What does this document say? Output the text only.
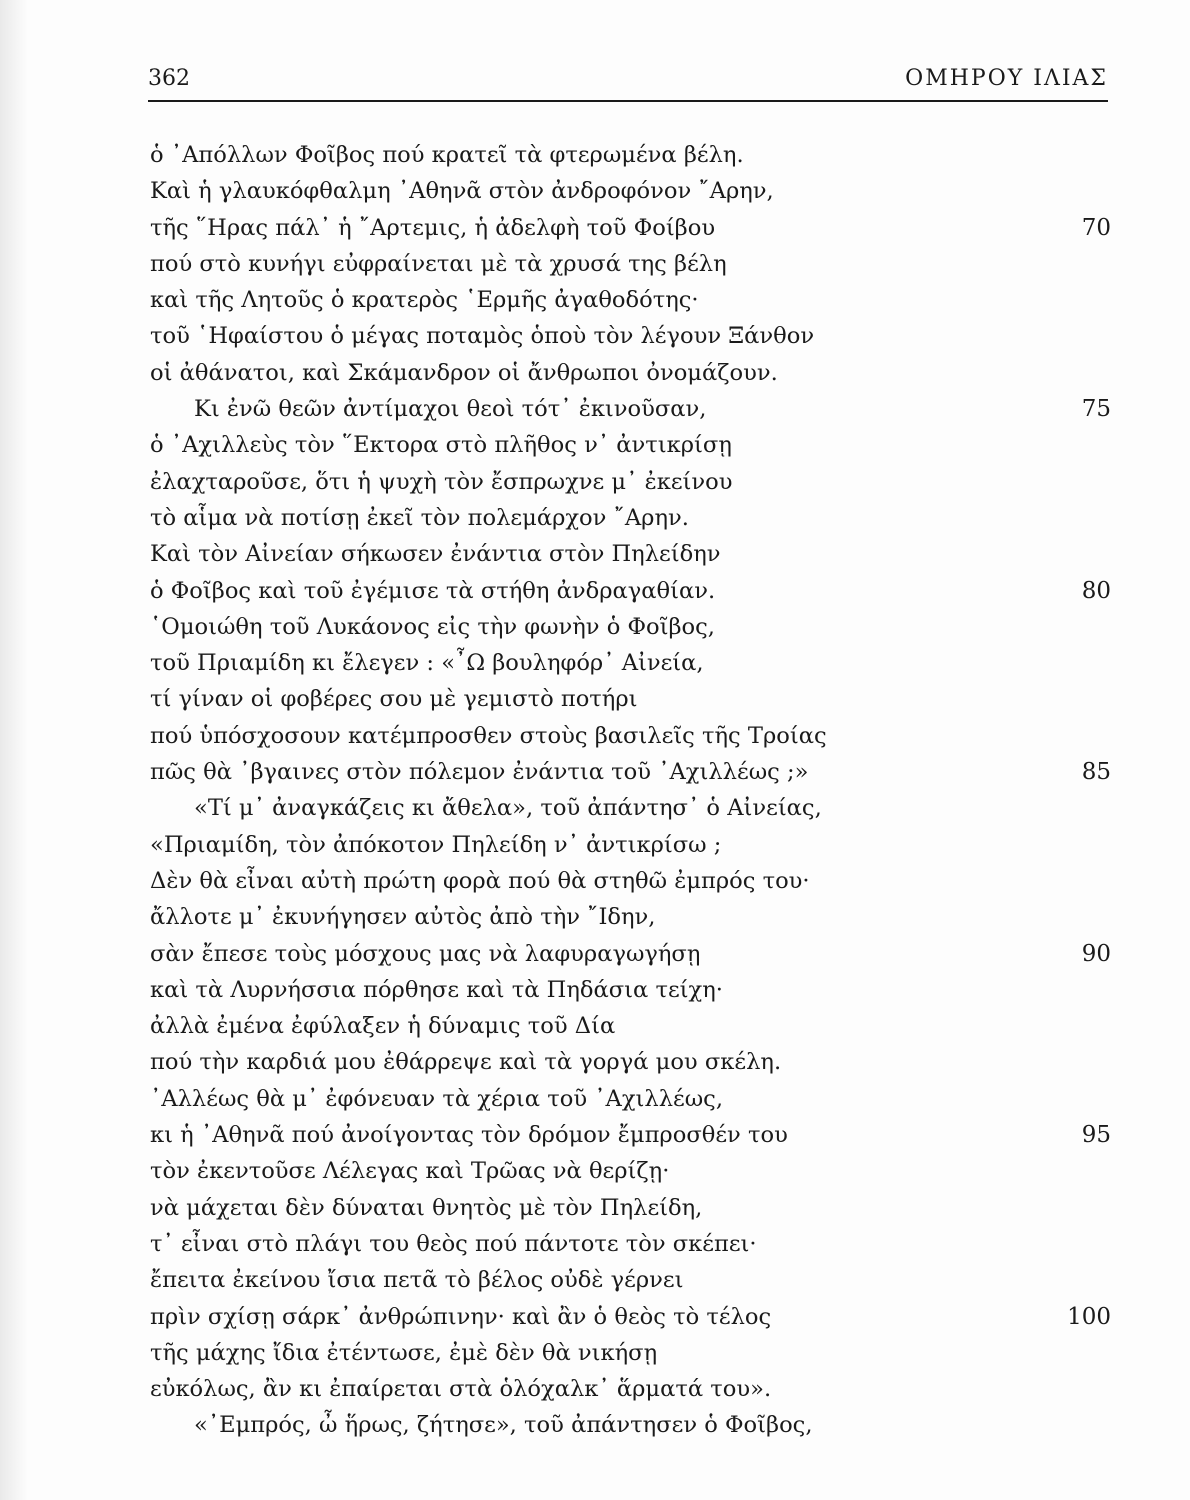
362	ΟΜΗΡΟΥ ΙΛΙΑΣ
ὁ ᾿Απόλλων Φοῖβος πού κρατεῖ τὰ φτερωμένα βέλη.
Καὶ ἡ γλαυκόφθαλμη ᾿Αθηνᾶ στὸν ἀνδροφόνον ῎Αρην,
τῆς ῞Ηρας πάλ᾿ ἡ ῎Αρτεμις, ἡ ἀδελφὴ τοῦ Φοίβου	70
πού στὸ κυνήγι εὐφραίνεται μὲ τὰ χρυσά της βέλη
καὶ τῆς Λητοῦς ὁ κρατερὸς ῾Ερμῆς ἀγαθοδότης·
τοῦ ῾Ηφαίστου ὁ μέγας ποταμὸς ὁποὺ τὸν λέγουν Ξάνθον
οἱ ἀθάνατοι, καὶ Σκάμανδρον οἱ ἄνθρωποι ὀνομάζουν.
Κι ἐνῶ θεῶν ἀντίμαχοι θεοὶ τότ᾿ ἐκινοῦσαν,	75
ὁ ᾿Αχιλλεὺς τὸν ῞Εκτορα στὸ πλῆθος ν᾿ ἀντικρίσῃ
ἐλαχταροῦσε, ὅτι ἡ ψυχὴ τὸν ἔσπρωχνε μ᾿ ἐκείνου
τὸ αἷμα νὰ ποτίσῃ ἐκεῖ τὸν πολεμάρχον ῎Αρην.
Καὶ τὸν Αἰνείαν σήκωσεν ἐνάντια στὸν Πηλείδην
ὁ Φοῖβος καὶ τοῦ ἐγέμισε τὰ στήθη ἀνδραγαθίαν.	80
῾Ομοιώθη τοῦ Λυκάονος εἰς τὴν φωνὴν ὁ Φοῖβος,
τοῦ Πριαμίδη κι ἔλεγεν : «῏Ω βουληφόρ᾿ Αἰνεία,
τί γίναν οἱ φοβέρες σου μὲ γεμιστὸ ποτήρι
πού ὑπόσχοσουν κατέμπροσθεν στοὺς βασιλεῖς τῆς Τροίας
πῶς θὰ ᾿βγαινες στὸν πόλεμον ἐνάντια τοῦ ᾿Αχιλλέως ;»	85
«Τί μ᾿ ἀναγκάζεις κι ἄθελα», τοῦ ἀπάντησ᾿ ὁ Αἰνείας,
«Πριαμίδη, τὸν ἀπόκοτον Πηλείδη ν᾿ ἀντικρίσω ;
Δὲν θὰ εἶναι αὐτὴ πρώτη φορὰ πού θὰ στηθῶ ἐμπρός του·
ἄλλοτε μ᾿ ἐκυνήγησεν αὐτὸς ἀπὸ τὴν ῎Ιδην,
σὰν ἔπεσε τοὺς μόσχους μας νὰ λαφυραγωγήσῃ	90
καὶ τὰ Λυρνήσσια πόρθησε καὶ τὰ Πηδάσια τείχη·
ἀλλὰ ἐμένα ἐφύλαξεν ἡ δύναμις τοῦ Δία
πού τὴν καρδιά μου ἐθάρρεψε καὶ τὰ γοργά μου σκέλη.
᾿Αλλέως θὰ μ᾿ ἐφόνευαν τὰ χέρια τοῦ ᾿Αχιλλέως,
κι ἡ ᾿Αθηνᾶ πού ἀνοίγοντας τὸν δρόμον ἔμπροσθέν του	95
τὸν ἐκεντοῦσε Λέλεγας καὶ Τρῶας νὰ θερίζῃ·
νὰ μάχεται δὲν δύναται θνητὸς μὲ τὸν Πηλείδη,
τ᾿ εἶναι στὸ πλάγι του θεὸς πού πάντοτε τὸν σκέπει·
ἔπειτα ἐκείνου ἴσια πετᾶ τὸ βέλος οὐδὲ γέρνει
πρὶν σχίσῃ σάρκ᾿ ἀνθρώπινην· καὶ ἂν ὁ θεὸς τὸ τέλος	100
τῆς μάχης ἴδια ἐτέντωσε, ἐμὲ δὲν θὰ νικήσῃ
εὐκόλως, ἂν κι ἐπαίρεται στὰ ὁλόχαλκ᾿ ἅρματά του».
«᾿Εμπρός, ὦ ἥρως, ζήτησε», τοῦ ἀπάντησεν ὁ Φοῖβος,
